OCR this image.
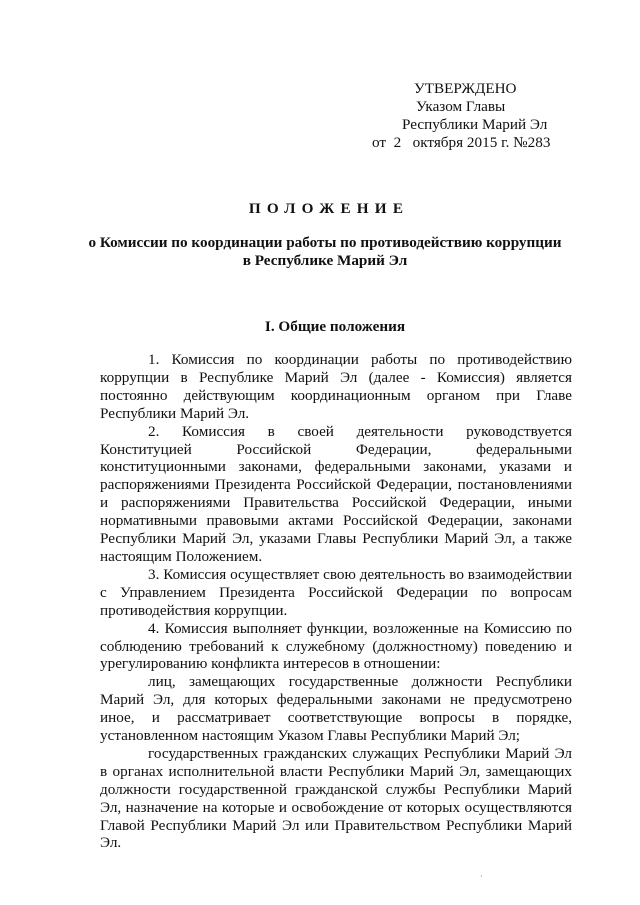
УТВЕРЖДЕНО
Указом Главы
Республики Марий Эл
от  2   октября 2015 г. №283
ПОЛОЖЕНИЕ
о Комиссии по координации работы по противодействию коррупции
в Республике Марий Эл
I. Общие положения

1. Комиссия по координации работы по противодействию коррупции в Республике Марий Эл (далее - Комиссия) является постоянно действующим координационным органом при Главе Республики Марий Эл.

2. Комиссия в своей деятельности руководствуется Конституцией Российской Федерации, федеральными конституционными законами, федеральными законами, указами и распоряжениями Президента Российской Федерации, постановлениями и распоряжениями Правительства Российской Федерации, иными нормативными правовыми актами Российской Федерации, законами Республики Марий Эл, указами Главы Республики Марий Эл, а также настоящим Положением.

3. Комиссия осуществляет свою деятельность во взаимодействии с Управлением Президента Российской Федерации по вопросам противодействия коррупции.

4. Комиссия выполняет функции, возложенные на Комиссию по соблюдению требований к служебному (должностному) поведению и урегулированию конфликта интересов в отношении:

лиц, замещающих государственные должности Республики Марий Эл, для которых федеральными законами не предусмотрено иное, и рассматривает соответствующие вопросы в порядке, установленном настоящим Указом Главы Республики Марий Эл;

государственных гражданских служащих Республики Марий Эл в органах исполнительной власти Республики Марий Эл, замещающих должности государственной гражданской службы Республики Марий Эл, назначение на которые и освобождение от которых осуществляются Главой Республики Марий Эл или Правительством Республики Марий Эл.

·
